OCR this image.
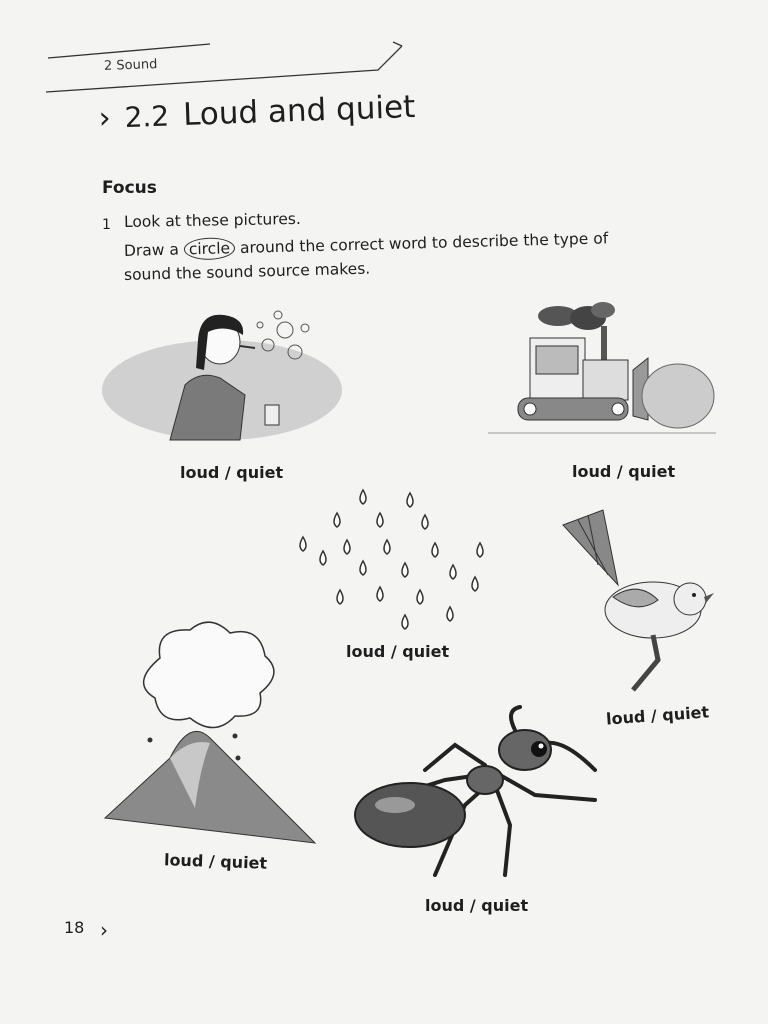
2 Sound
› 2.2 Loud and quiet
Focus
1 Look at these pictures.
Draw a circle around the correct word to describe the type of
sound the sound source makes.
loud / quiet	loud / quiet
loud / quiet
loud / quiet
loud / quiet
loud / quiet
18 ›
